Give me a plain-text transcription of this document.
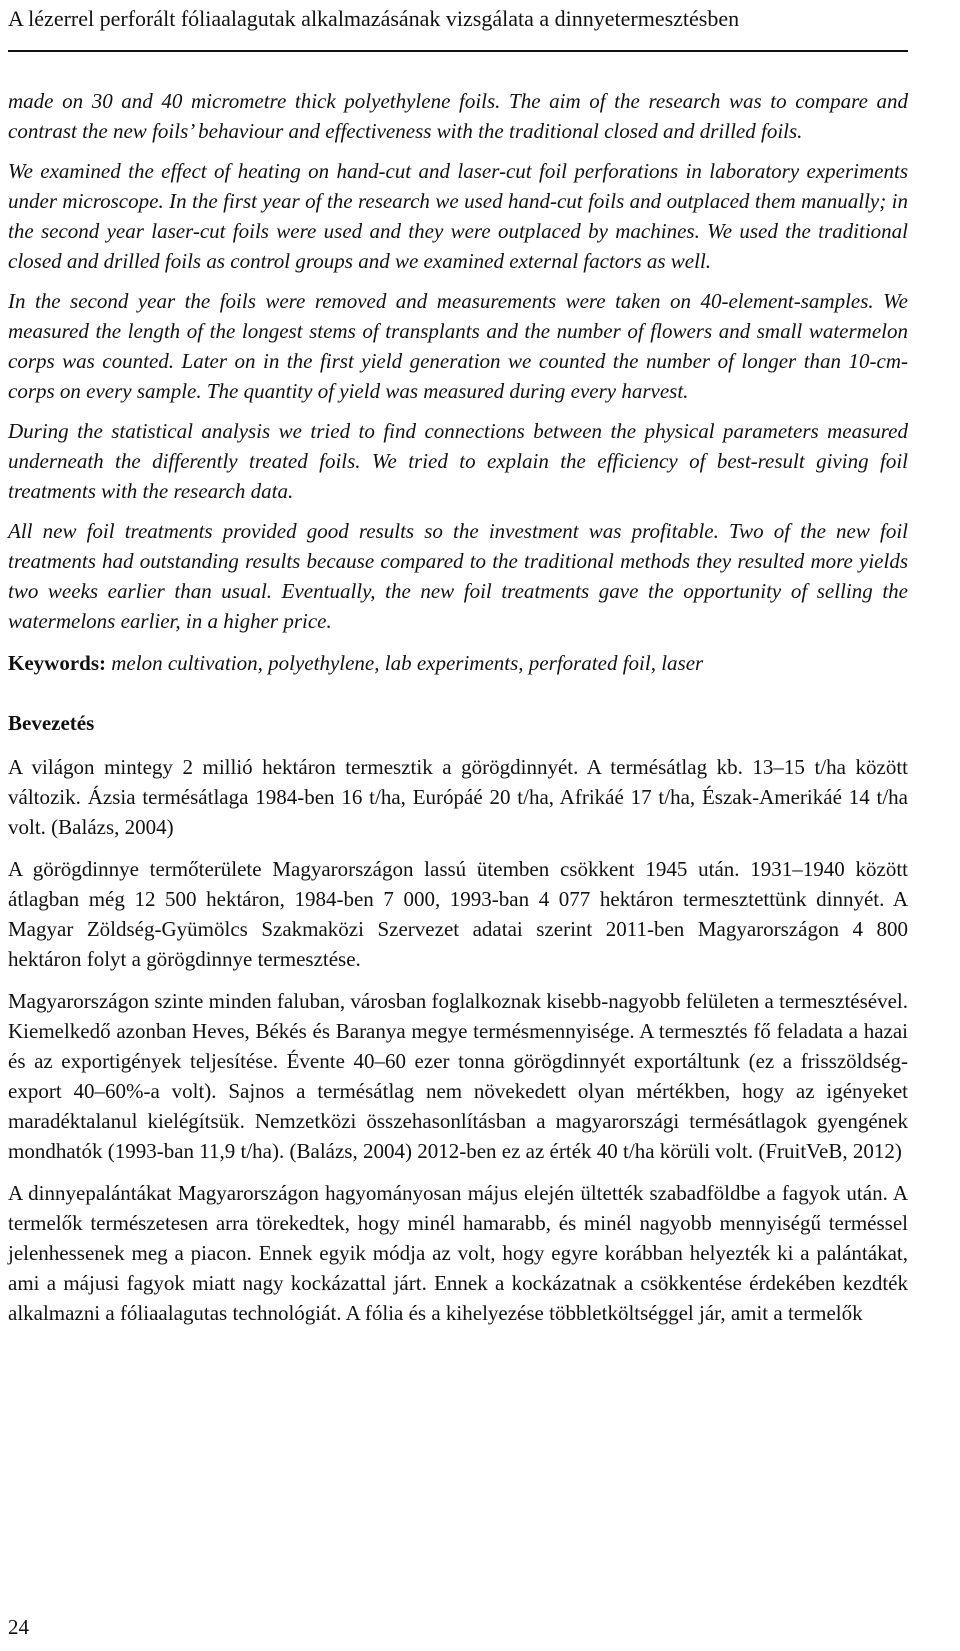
A lézerrel perforált fóliaalagutak alkalmazásának vizsgálata a dinnyetermesztésben

made on 30 and 40 micrometre thick polyethylene foils. The aim of the research was to compare and contrast the new foils’ behaviour and effectiveness with the traditional closed and drilled foils.

We examined the effect of heating on hand-cut and laser-cut foil perforations in laboratory experiments under microscope. In the first year of the research we used hand-cut foils and outplaced them manually; in the second year laser-cut foils were used and they were outplaced by machines. We used the traditional closed and drilled foils as control groups and we examined external factors as well.

In the second year the foils were removed and measurements were taken on 40-element-samples. We measured the length of the longest stems of transplants and the number of flowers and small watermelon corps was counted. Later on in the first yield generation we counted the number of longer than 10-cm-corps on every sample. The quantity of yield was measured during every harvest.

During the statistical analysis we tried to find connections between the physical parameters measured underneath the differently treated foils. We tried to explain the efficiency of best-result giving foil treatments with the research data.

All new foil treatments provided good results so the investment was profitable. Two of the new foil treatments had outstanding results because compared to the traditional methods they resulted more yields two weeks earlier than usual. Eventually, the new foil treatments gave the opportunity of selling the watermelons earlier, in a higher price.

Keywords: melon cultivation, polyethylene, lab experiments, perforated foil, laser
Bevezetés

A világon mintegy 2 millió hektáron termesztik a görögdinnyét. A termésátlag kb. 13–15 t/ha között változik. Ázsia termésátlaga 1984-ben 16 t/ha, Európáé 20 t/ha, Afrikáé 17 t/ha, Észak-Amerikáé 14 t/ha volt. (Balázs, 2004)

A görögdinnye termőterülete Magyarországon lassú ütemben csökkent 1945 után. 1931–1940 között átlagban még 12 500 hektáron, 1984-ben 7 000, 1993-ban 4 077 hektáron termesztettünk dinnyét. A Magyar Zöldség-Gyümölcs Szakmaközi Szervezet adatai szerint 2011-ben Magyarországon 4 800 hektáron folyt a görögdinnye termesztése.

Magyarországon szinte minden faluban, városban foglalkoznak kisebb-nagyobb felületen a termesztésével. Kiemelkedő azonban Heves, Békés és Baranya megye termésmennyisége. A termesztés fő feladata a hazai és az exportigények teljesítése. Évente 40–60 ezer tonna görögdinnyét exportáltunk (ez a frisszöldség-export 40–60%-a volt). Sajnos a termésátlag nem növekedett olyan mértékben, hogy az igényeket maradéktalanul kielégítsük. Nemzetközi összehasonlításban a magyarországi termésátlagok gyengének mondhatók (1993-ban 11,9 t/ha). (Balázs, 2004) 2012-ben ez az érték 40 t/ha körüli volt. (FruitVeB, 2012)

A dinnyepalántákat Magyarországon hagyományosan május elején ültették szabadföldbe a fagyok után. A termelők természetesen arra törekedtek, hogy minél hamarabb, és minél nagyobb mennyiségű terméssel jelenhessenek meg a piacon. Ennek egyik módja az volt, hogy egyre korábban helyezték ki a palántákat, ami a májusi fagyok miatt nagy kockázattal járt. Ennek a kockázatnak a csökkentése érdekében kezdték alkalmazni a fóliaalagutas technológiát. A fólia és a kihelyezése többletköltséggel jár, amit a termelők

24
